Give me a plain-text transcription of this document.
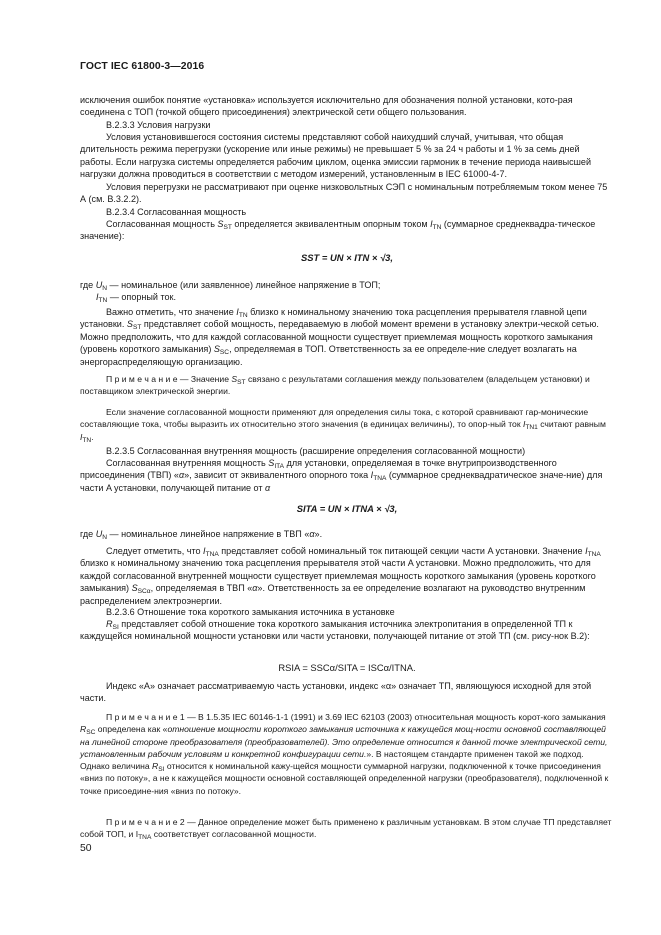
ГОСТ IEC 61800-3—2016

исключения ошибок понятие «установка» используется исключительно для обозначения полной установки, кото-рая соединена с ТОП (точкой общего присоединения) электрической сети общего пользования.

B.2.3.3 Условия нагрузки

Условия установившегося состояния системы представляют собой наихудший случай, учитывая, что общая длительность режима перегрузки (ускорение или иные режимы) не превышает 5 % за 24 ч работы и 1 % за семь дней работы. Если нагрузка системы определяется рабочим циклом, оценка эмиссии гармоник в течение периода наивысшей нагрузки должна проводиться в соответствии с методом измерений, установленным в IEC 61000-4-7.

Условия перегрузки не рассматривают при оценке низковольтных СЭП с номинальным потребляемым током менее 75 А (см. B.3.2.2).

B.2.3.4 Согласованная мощность

Согласованная мощность $S_{ST}$ определяется эквивалентным опорным током $I_{TN}$ (суммарное среднеквадра-тическое значение):

SST = UN × ITN × √3,

где $U_N$ — номинальное (или заявленное) линейное напряжение в ТОП;

$I_{TN}$ — опорный ток.

Важно отметить, что значение $I_{TN}$ близко к номинальному значению тока расцепления прерывателя главной цепи установки. $S_{ST}$ представляет собой мощность, передаваемую в любой момент времени в установку электри-ческой сетью. Можно предположить, что для каждой согласованной мощности существует приемлемая мощность короткого замыкания (уровень короткого замыкания) $S_{SC}$, определяемая в ТОП. Ответственность за ее определе-ние следует возлагать на энергораспределяющую организацию.

П р и м е ч а н и е — Значение $S_{ST}$ связано с результатами соглашения между пользователем (владельцем установки) и поставщиком электрической энергии.

Если значение согласованной мощности применяют для определения силы тока, с которой сравнивают гар-монические составляющие тока, чтобы выразить их относительно этого значения (в единицах величины), то опор-ный ток $I_{TN1}$ считают равным $I_{TN}$.

B.2.3.5 Согласованная внутренняя мощность (расширение определения согласованной мощности)

Согласованная внутренняя мощность $S_{ITA}$ для установки, определяемая в точке внутрипроизводственного присоединения (ТВП) «α», зависит от эквивалентного опорного тока $I_{TNA}$ (суммарное среднеквадратическое значе-ние) для части A установки, получающей питание от α

SITA = UN × ITNA × √3,

где $U_N$ — номинальное линейное напряжение в ТВП «α».

Следует отметить, что $I_{TNA}$ представляет собой номинальный ток питающей секции части A установки. Значение $I_{TNA}$ близко к номинальному значению тока расцепления прерывателя этой части A установки. Можно предположить, что для каждой согласованной внутренней мощности существует приемлемая мощность короткого замыкания (уровень короткого замыкания) $S_{SC\alpha}$, определяемая в ТВП «α». Ответственность за ее определение возлагают на руководство внутренним распределением электроэнергии.

B.2.3.6 Отношение тока короткого замыкания источника в установке

$R_{SI}$ представляет собой отношение тока короткого замыкания источника электропитания в определенной ТП к каждущейся номинальной мощности установки или части установки, получающей питание от этой ТП (см. рису-нок B.2):

RSIA = SSCα/SITA = ISCα/ITNA.

Индекс «A» означает рассматриваемую часть установки, индекс «α» означает ТП, являющуюся исходной для этой части.

П р и м е ч а н и е 1 — В 1.5.35 IEC 60146-1-1 (1991) и 3.69 IEC 62103 (2003) относительная мощность корот-кого замыкания $R_{SC}$ определена как «отношение мощности короткого замыкания источника к кажущейся мощ-ности основной составляющей на линейной стороне преобразователя (преобразователей). Это определение относится к данной точке электрической сети, установленным рабочим условиям и конкретной конфигурации сети.». В настоящем стандарте применен такой же подход. Однако величина $R_{SI}$ относится к номинальной кажу-щейся мощности суммарной нагрузки, подключенной к точке присоединения «вниз по потоку», а не к кажущейся мощности основной составляющей определенной нагрузки (преобразователя), подключенной к точке присоедине-ния «вниз по потоку».

П р и м е ч а н и е 2 — Данное определение может быть применено к различным установкам. В этом случае ТП представляет собой ТОП, и $I_{TNA}$ соответствует согласованной мощности.

50
